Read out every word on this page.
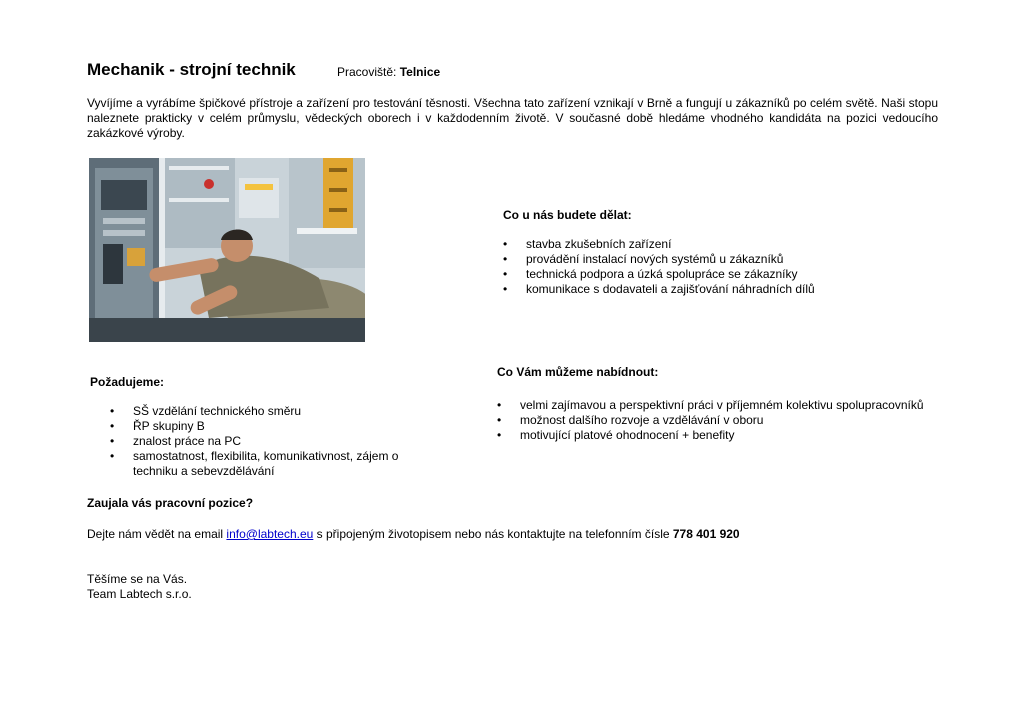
Mechanik - strojní technik	Pracoviště: Telnice
Vyvíjíme a vyrábíme špičkové přístroje a zařízení pro testování těsnosti. Všechna tato zařízení vznikají v Brně a fungují u zákazníků po celém světě. Naši stopu naleznete prakticky v celém průmyslu, vědeckých oborech i v každodenním životě. V současné době hledáme vhodného kandidáta na pozici vedoucího zakázkové výroby.
Co u nás budete dělat:
• stavba zkušebních zařízení
• provádění instalací nových systémů u zákazníků
• technická podpora a úzká spolupráce se zákazníky
• komunikace s dodavateli a zajišťování náhradních dílů
Požadujeme:
• SŠ vzdělání technického směru
• ŘP skupiny B
• znalost práce na PC
• samostatnost, flexibilita, komunikativnost, zájem o techniku a sebevzdělávání
Co Vám můžeme nabídnout:
• velmi zajímavou a perspektivní práci v příjemném kolektivu spolupracovníků
• možnost dalšího rozvoje a vzdělávání v oboru
• motivující platové ohodnocení + benefity
Zaujala vás pracovní pozice?
Dejte nám vědět na email info@labtech.eu s připojeným životopisem nebo nás kontaktujte na telefonním čísle 778 401 920
Těšíme se na Vás.
Team Labtech s.r.o.
